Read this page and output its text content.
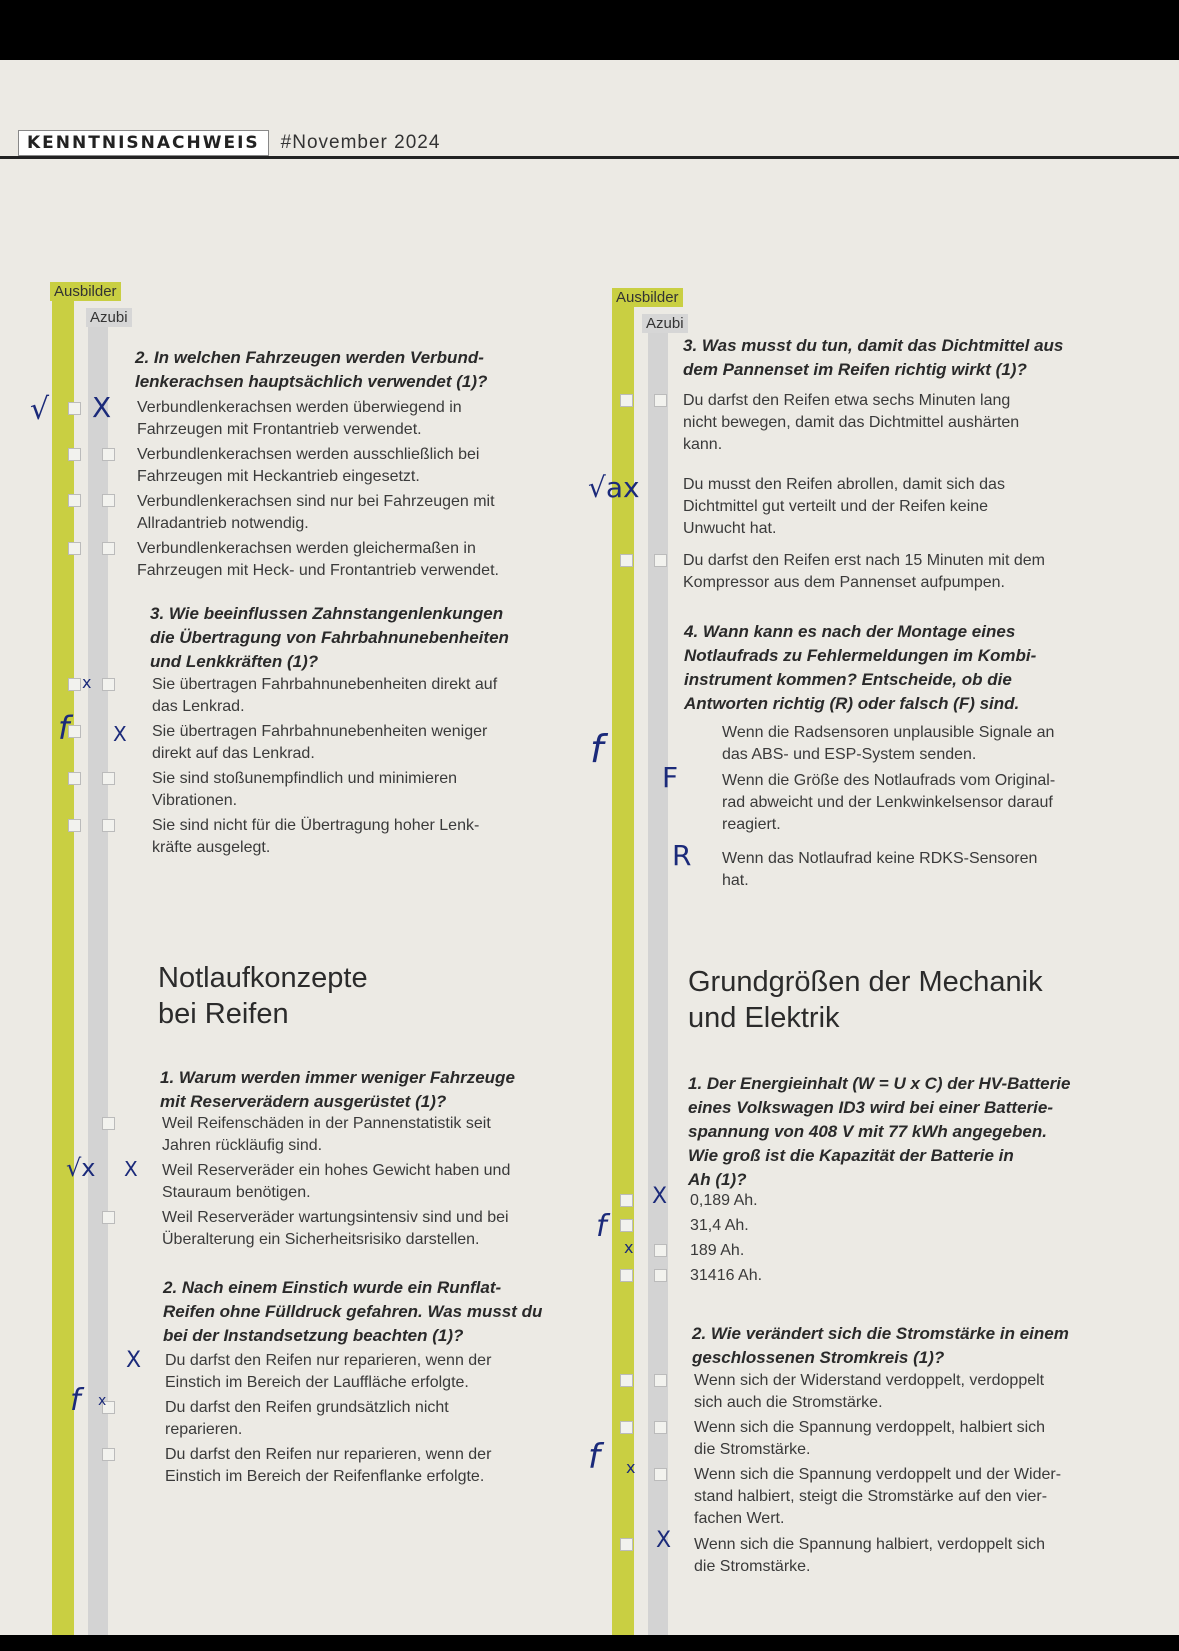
KENNTNISNACHWEIS	#November 2024
Ausbilder
Azubi
Ausbilder
Azubi

2. In welchen Fahrzeugen werden Verbund-
lenkerachsen hauptsächlich verwendet (1)?

Verbundlenkerachsen werden überwiegend in
Fahrzeugen mit Frontantrieb verwendet.

Verbundlenkerachsen werden ausschließlich bei
Fahrzeugen mit Heckantrieb eingesetzt.

Verbundlenkerachsen sind nur bei Fahrzeugen mit
Allradantrieb notwendig.

Verbundlenkerachsen werden gleichermaßen in
Fahrzeugen mit Heck- und Frontantrieb verwendet.

3. Wie beeinflussen Zahnstangenlenkungen
die Übertragung von Fahrbahnunebenheiten
und Lenkkräften (1)?

Sie übertragen Fahrbahnunebenheiten direkt auf
das Lenkrad.

Sie übertragen Fahrbahnunebenheiten weniger
direkt auf das Lenkrad.

Sie sind stoßunempfindlich und minimieren
Vibrationen.

Sie sind nicht für die Übertragung hoher Lenk-
kräfte ausgelegt.

Notlaufkonzepte
bei Reifen

1. Warum werden immer weniger Fahrzeuge
mit Reserverädern ausgerüstet (1)?

Weil Reifenschäden in der Pannenstatistik seit
Jahren rückläufig sind.

Weil Reserveräder ein hohes Gewicht haben und
Stauraum benötigen.

Weil Reserveräder wartungsintensiv sind und bei
Überalterung ein Sicherheitsrisiko darstellen.

2. Nach einem Einstich wurde ein Runflat-
Reifen ohne Fülldruck gefahren. Was musst du
bei der Instandsetzung beachten (1)?

Du darfst den Reifen nur reparieren, wenn der
Einstich im Bereich der Lauffläche erfolgte.

Du darfst den Reifen grundsätzlich nicht
reparieren.

Du darfst den Reifen nur reparieren, wenn der
Einstich im Bereich der Reifenflanke erfolgte.

3. Was musst du tun, damit das Dichtmittel aus
dem Pannenset im Reifen richtig wirkt (1)?

Du darfst den Reifen etwa sechs Minuten lang
nicht bewegen, damit das Dichtmittel aushärten
kann.

Du musst den Reifen abrollen, damit sich das
Dichtmittel gut verteilt und der Reifen keine
Unwucht hat.

Du darfst den Reifen erst nach 15 Minuten mit dem
Kompressor aus dem Pannenset aufpumpen.

4. Wann kann es nach der Montage eines
Notlaufrads zu Fehlermeldungen im Kombi-
instrument kommen? Entscheide, ob die
Antworten richtig (R) oder falsch (F) sind.

Wenn die Radsensoren unplausible Signale an
das ABS- und ESP-System senden.

Wenn die Größe des Notlaufrads vom Original-
rad abweicht und der Lenkwinkelsensor darauf
reagiert.

Wenn das Notlaufrad keine RDKS-Sensoren
hat.

Grundgrößen der Mechanik
und Elektrik

1. Der Energieinhalt (W = U x C) der HV-Batterie
eines Volkswagen ID3 wird bei einer Batterie-
spannung von 408 V mit 77 kWh angegeben.
Wie groß ist die Kapazität der Batterie in
Ah (1)?

0,189 Ah.

31,4 Ah.

189 Ah.

31416 Ah.

2. Wie verändert sich die Stromstärke in einem
geschlossenen Stromkreis (1)?

Wenn sich der Widerstand verdoppelt, verdoppelt
sich auch die Stromstärke.

Wenn sich die Spannung verdoppelt, halbiert sich
die Stromstärke.

Wenn sich die Spannung verdoppelt und der Wider-
stand halbiert, steigt die Stromstärke auf den vier-
fachen Wert.

Wenn sich die Spannung halbiert, verdoppelt sich
die Stromstärke.

√ X
x
f X
√x X
X
f x
√ax
f
F
R
X
f
x
f x
X
